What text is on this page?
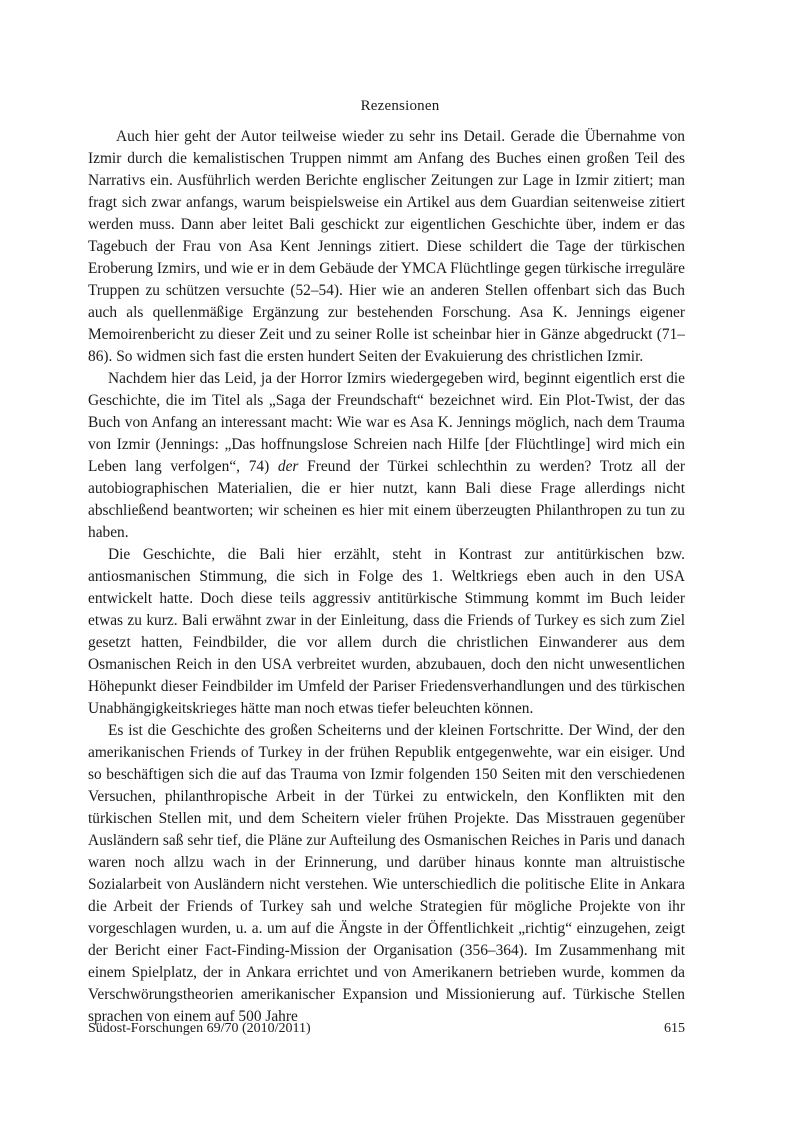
Rezensionen

Auch hier geht der Autor teilweise wieder zu sehr ins Detail. Gerade die Übernahme von Izmir durch die kemalistischen Truppen nimmt am Anfang des Buches einen großen Teil des Narrativs ein. Ausführlich werden Berichte englischer Zeitungen zur Lage in Izmir zitiert; man fragt sich zwar anfangs, warum beispielsweise ein Artikel aus dem Guardian seitenweise zitiert werden muss. Dann aber leitet Bali geschickt zur eigentlichen Geschichte über, indem er das Tagebuch der Frau von Asa Kent Jennings zitiert. Diese schildert die Tage der türkischen Eroberung Izmirs, und wie er in dem Gebäude der YMCA Flüchtlinge gegen türkische irreguläre Truppen zu schützen versuchte (52–54). Hier wie an anderen Stellen offenbart sich das Buch auch als quellenmäßige Ergänzung zur bestehenden Forschung. Asa K. Jennings eigener Memoirenbericht zu dieser Zeit und zu seiner Rolle ist scheinbar hier in Gänze abgedruckt (71–86). So widmen sich fast die ersten hundert Seiten der Evakuierung des christlichen Izmir.

Nachdem hier das Leid, ja der Horror Izmirs wiedergegeben wird, beginnt eigentlich erst die Geschichte, die im Titel als „Saga der Freundschaft“ bezeichnet wird. Ein Plot-Twist, der das Buch von Anfang an interessant macht: Wie war es Asa K. Jennings möglich, nach dem Trauma von Izmir (Jennings: „Das hoffnungslose Schreien nach Hilfe [der Flüchtlinge] wird mich ein Leben lang verfolgen“, 74) der Freund der Türkei schlechthin zu werden? Trotz all der autobiographischen Materialien, die er hier nutzt, kann Bali diese Frage allerdings nicht abschließend beantworten; wir scheinen es hier mit einem überzeugten Philanthropen zu tun zu haben.

Die Geschichte, die Bali hier erzählt, steht in Kontrast zur antitürkischen bzw. antiosmanischen Stimmung, die sich in Folge des 1. Weltkriegs eben auch in den USA entwickelt hatte. Doch diese teils aggressiv antitürkische Stimmung kommt im Buch leider etwas zu kurz. Bali erwähnt zwar in der Einleitung, dass die Friends of Turkey es sich zum Ziel gesetzt hatten, Feindbilder, die vor allem durch die christlichen Einwanderer aus dem Osmanischen Reich in den USA verbreitet wurden, abzubauen, doch den nicht unwesentlichen Höhepunkt dieser Feindbilder im Umfeld der Pariser Friedensverhandlungen und des türkischen Unabhängigkeitskrieges hätte man noch etwas tiefer beleuchten können.

Es ist die Geschichte des großen Scheiterns und der kleinen Fortschritte. Der Wind, der den amerikanischen Friends of Turkey in der frühen Republik entgegenwehte, war ein eisiger. Und so beschäftigen sich die auf das Trauma von Izmir folgenden 150 Seiten mit den verschiedenen Versuchen, philanthropische Arbeit in der Türkei zu entwickeln, den Konflikten mit den türkischen Stellen mit, und dem Scheitern vieler frühen Projekte. Das Misstrauen gegenüber Ausländern saß sehr tief, die Pläne zur Aufteilung des Osmanischen Reiches in Paris und danach waren noch allzu wach in der Erinnerung, und darüber hinaus konnte man altruistische Sozialarbeit von Ausländern nicht verstehen. Wie unterschiedlich die politische Elite in Ankara die Arbeit der Friends of Turkey sah und welche Strategien für mögliche Projekte von ihr vorgeschlagen wurden, u. a. um auf die Ängste in der Öffentlichkeit „richtig“ einzugehen, zeigt der Bericht einer Fact-Finding-Mission der Organisation (356–364). Im Zusammenhang mit einem Spielplatz, der in Ankara errichtet und von Amerikanern betrieben wurde, kommen da Verschwörungstheorien amerikanischer Expansion und Missionierung auf. Türkische Stellen sprachen von einem auf 500 Jahre

Südost-Forschungen 69/70 (2010/2011)	615
